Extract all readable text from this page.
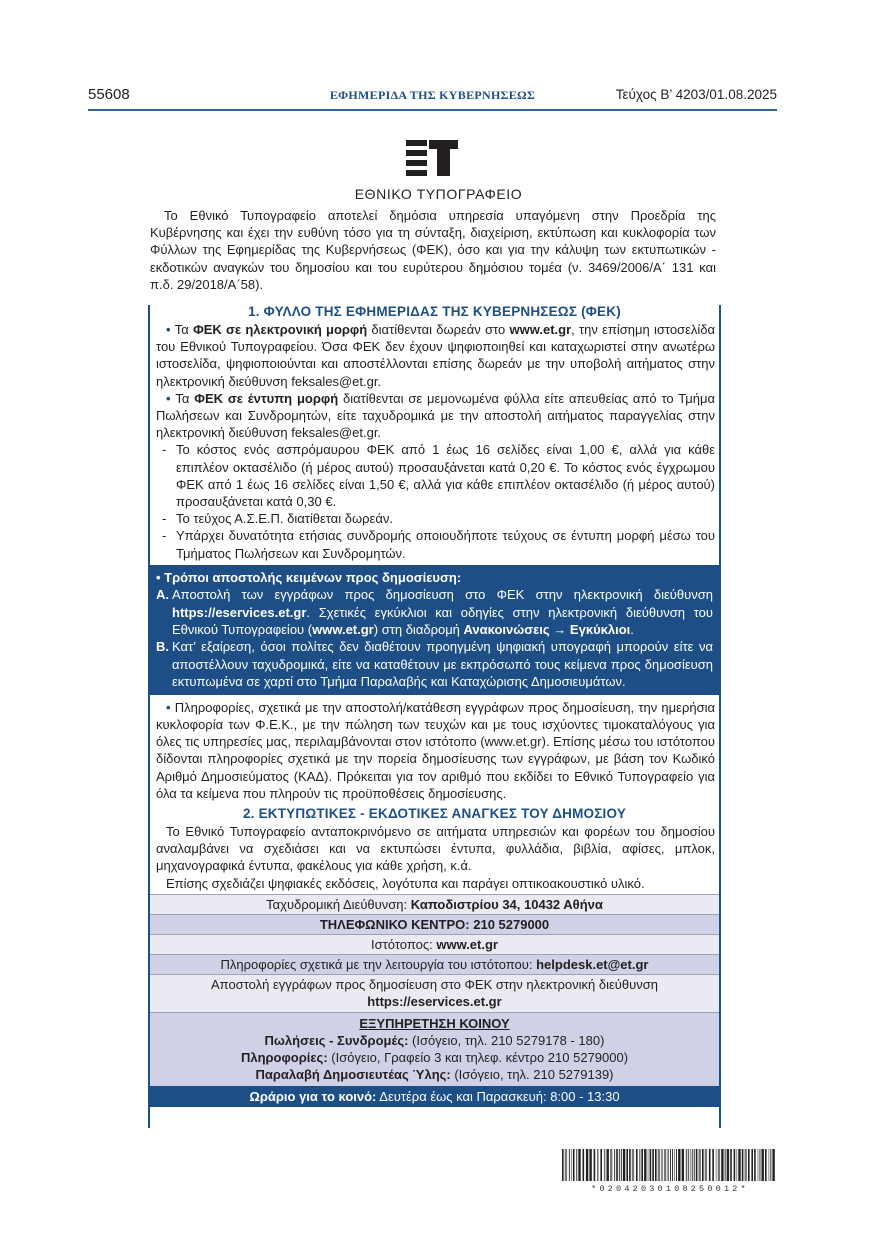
55608	ΕΦΗΜΕΡΙΔΑ ΤΗΣ ΚΥΒΕΡΝΗΣΕΩΣ	Τεύχος B’ 4203/01.08.2025
ΕΘΝΙΚΟ ΤΥΠΟΓΡΑΦΕΙΟ

Το Εθνικό Τυπογραφείο αποτελεί δημόσια υπηρεσία υπαγόμενη στην Προεδρία της Κυβέρνησης και έχει την ευθύνη τόσο για τη σύνταξη, διαχείριση, εκτύπωση και κυκλοφορία των Φύλλων της Εφημερίδας της Κυβερνήσεως (ΦΕΚ), όσο και για την κάλυψη των εκτυπωτικών - εκδοτικών αναγκών του δημοσίου και του ευρύτερου δημόσιου τομέα (ν. 3469/2006/Α΄ 131 και π.δ. 29/2018/Α΄58).

1. ΦΥΛΛΟ ΤΗΣ ΕΦΗΜΕΡΙΔΑΣ ΤΗΣ ΚΥΒΕΡΝΗΣΕΩΣ (ΦΕΚ)

• Τα ΦΕΚ σε ηλεκτρονική μορφή διατίθενται δωρεάν στο www.et.gr, την επίσημη ιστοσελίδα του Εθνικού Τυπογραφείου. Όσα ΦΕΚ δεν έχουν ψηφιοποιηθεί και καταχωριστεί στην ανωτέρω ιστοσελίδα, ψηφιοποιούνται και αποστέλλονται επίσης δωρεάν με την υποβολή αιτήματος στην ηλεκτρονική διεύθυνση feksales@et.gr.

• Τα ΦΕΚ σε έντυπη μορφή διατίθενται σε μεμονωμένα φύλλα είτε απευθείας από το Τμήμα Πωλήσεων και Συνδρομητών, είτε ταχυδρομικά με την αποστολή αιτήματος παραγγελίας στην ηλεκτρονική διεύθυνση feksales@et.gr.

- Το κόστος ενός ασπρόμαυρου ΦΕΚ από 1 έως 16 σελίδες είναι 1,00 €, αλλά για κάθε επιπλέον οκτασέλιδο (ή μέρος αυτού) προσαυξάνεται κατά 0,20 €. Το κόστος ενός έγχρωμου ΦΕΚ από 1 έως 16 σελίδες είναι 1,50 €, αλλά για κάθε επιπλέον οκτασέλιδο (ή μέρος αυτού) προσαυξάνεται κατά 0,30 €.
- Το τεύχος Α.Σ.Ε.Π. διατίθεται δωρεάν.
- Υπάρχει δυνατότητα ετήσιας συνδρομής οποιουδήποτε τεύχους σε έντυπη μορφή μέσω του Τμήματος Πωλήσεων και Συνδρομητών.
• Τρόποι αποστολής κειμένων προς δημοσίευση:
Α. Αποστολή των εγγράφων προς δημοσίευση στο ΦΕΚ στην ηλεκτρονική διεύθυνση https://eservices.et.gr. Σχετικές εγκύκλιοι και οδηγίες στην ηλεκτρονική διεύθυνση του Εθνικού Τυπογραφείου (www.et.gr) στη διαδρομή Ανακοινώσεις → Εγκύκλιοι.
Β. Κατ’ εξαίρεση, όσοι πολίτες δεν διαθέτουν προηγμένη ψηφιακή υπογραφή μπορούν είτε να αποστέλλουν ταχυδρομικά, είτε να καταθέτουν με εκπρόσωπό τους κείμενα προς δημοσίευση εκτυπωμένα σε χαρτί στο Τμήμα Παραλαβής και Καταχώρισης Δημοσιευμάτων.

• Πληροφορίες, σχετικά με την αποστολή/κατάθεση εγγράφων προς δημοσίευση, την ημερήσια κυκλοφορία των Φ.Ε.Κ., με την πώληση των τευχών και με τους ισχύοντες τιμοκαταλόγους για όλες τις υπηρεσίες μας, περιλαμβάνονται στον ιστότοπο (www.et.gr). Επίσης μέσω του ιστότοπου δίδονται πληροφορίες σχετικά με την πορεία δημοσίευσης των εγγράφων, με βάση τον Κωδικό Αριθμό Δημοσιεύματος (ΚΑΔ). Πρόκειται για τον αριθμό που εκδίδει το Εθνικό Τυπογραφείο για όλα τα κείμενα που πληρούν τις προϋποθέσεις δημοσίευσης.

2. ΕΚΤΥΠΩΤΙΚΕΣ - ΕΚΔΟΤΙΚΕΣ ΑΝΑΓΚΕΣ ΤΟΥ ΔΗΜΟΣΙΟΥ

Το Εθνικό Τυπογραφείο ανταποκρινόμενο σε αιτήματα υπηρεσιών και φορέων του δημοσίου αναλαμβάνει να σχεδιάσει και να εκτυπώσει έντυπα, φυλλάδια, βιβλία, αφίσες, μπλοκ, μηχανογραφικά έντυπα, φακέλους για κάθε χρήση, κ.ά.

Επίσης σχεδιάζει ψηφιακές εκδόσεις, λογότυπα και παράγει οπτικοακουστικό υλικό.

Ταχυδρομική Διεύθυνση: Καποδιστρίου 34, 10432 Αθήνα
ΤΗΛΕΦΩΝΙΚΟ ΚΕΝΤΡΟ: 210 5279000
Ιστότοπος: www.et.gr
Πληροφορίες σχετικά με την λειτουργία του ιστότοπου: helpdesk.et@et.gr
Αποστολή εγγράφων προς δημοσίευση στο ΦΕΚ στην ηλεκτρονική διεύθυνση
https://eservices.et.gr
ΕΞΥΠΗΡΕΤΗΣΗ ΚΟΙΝΟΥ
Πωλήσεις - Συνδρομές: (Ισόγειο, τηλ. 210 5279178 - 180)
Πληροφορίες: (Ισόγειο, Γραφείο 3 και τηλεφ. κέντρο 210 5279000)
Παραλαβή Δημοσιευτέας Ύλης: (Ισόγειο, τηλ. 210 5279139)
Ωράριο για το κοινό: Δευτέρα έως και Παρασκευή: 8:00 - 13:30
*02042030108250012*
